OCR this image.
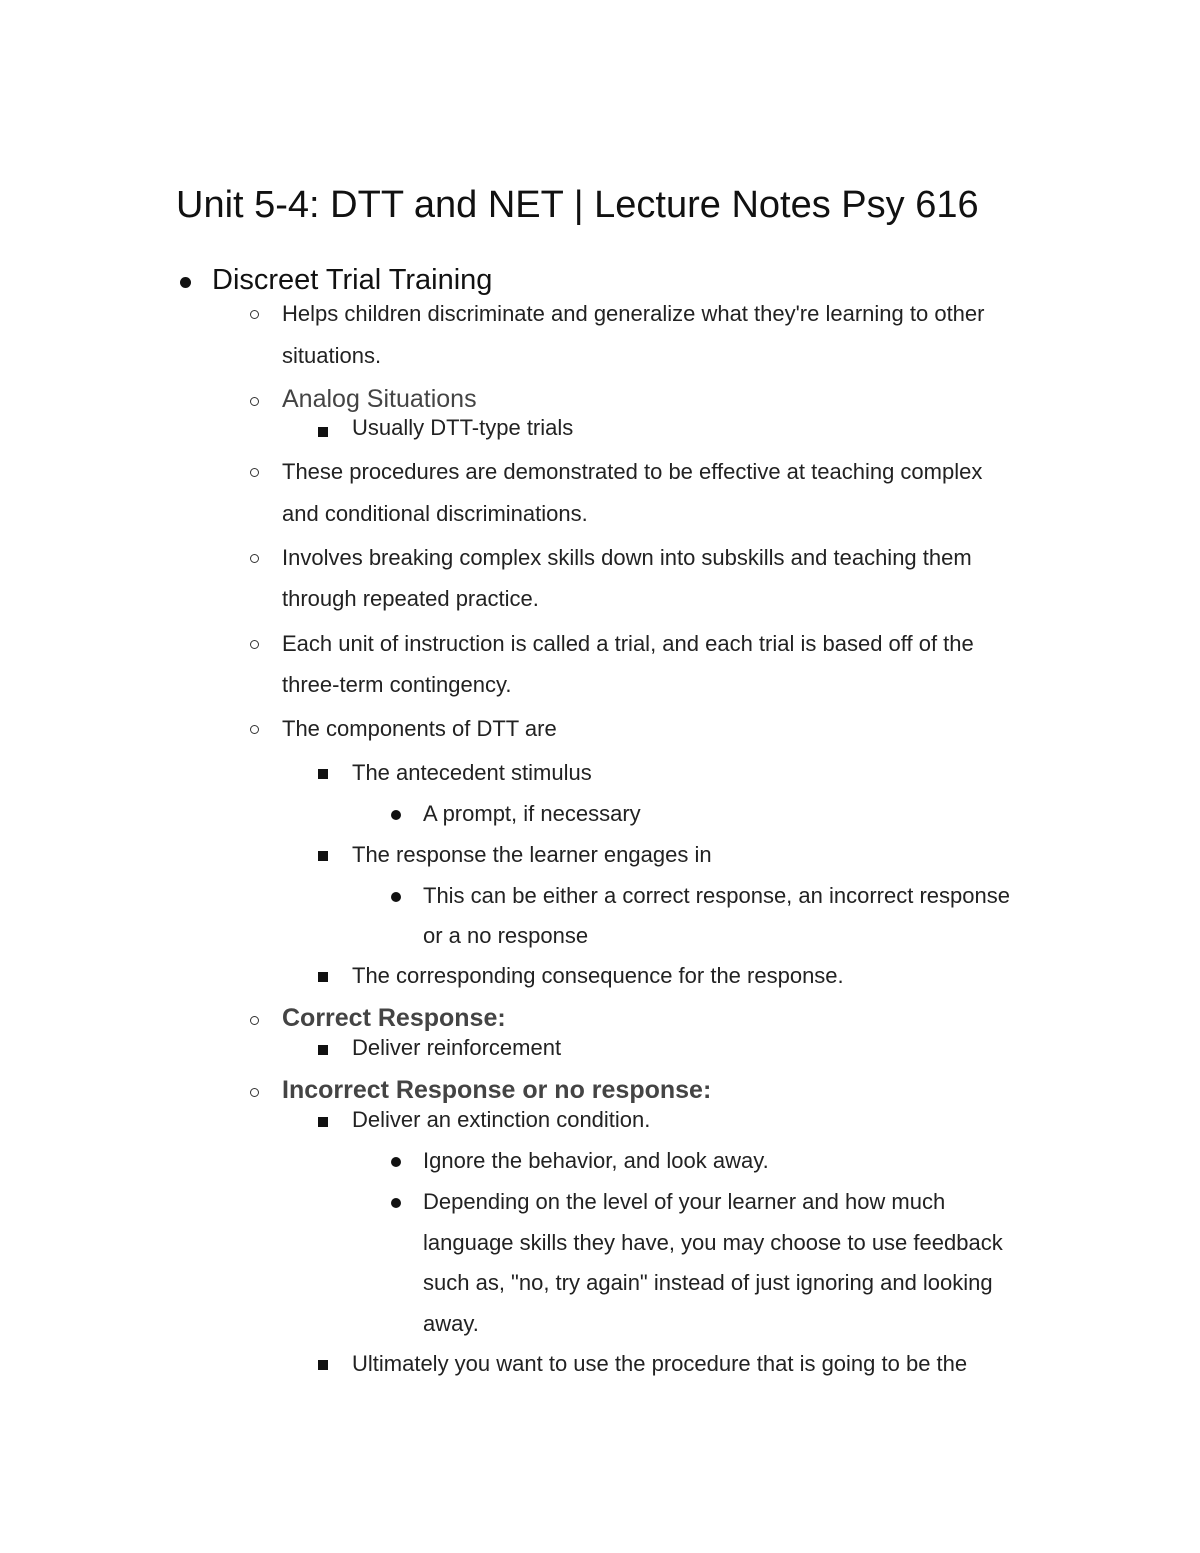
Unit 5-4: DTT and NET | Lecture Notes Psy 616
Discreet Trial Training
Helps children discriminate and generalize what they're learning to other
situations.
Analog Situations
Usually DTT-type trials
These procedures are demonstrated to be effective at teaching complex
and conditional discriminations.
Involves breaking complex skills down into subskills and teaching them
through repeated practice.
Each unit of instruction is called a trial, and each trial is based off of the
three-term contingency.
The components of DTT are
The antecedent stimulus
A prompt, if necessary
The response the learner engages in
This can be either a correct response, an incorrect response
or a no response
The corresponding consequence for the response.
Correct Response:
Deliver reinforcement
Incorrect Response or no response:
Deliver an extinction condition.
Ignore the behavior, and look away.
Depending on the level of your learner and how much
language skills they have, you may choose to use feedback
such as, "no, try again" instead of just ignoring and looking
away.
Ultimately you want to use the procedure that is going to be the
